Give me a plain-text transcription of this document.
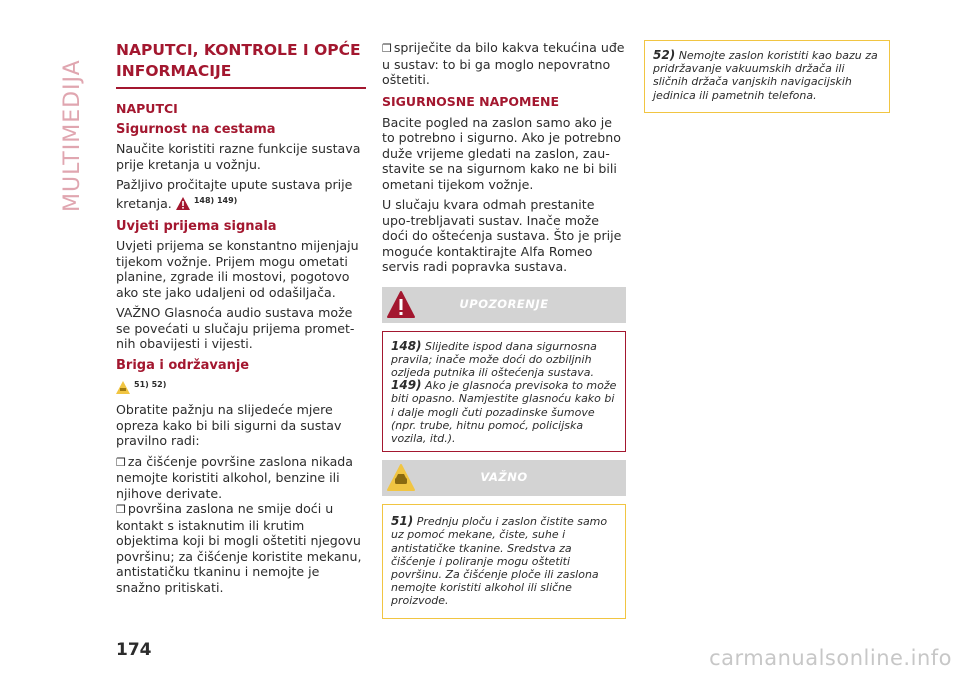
MULTIMEDIJA
NAPUTCI, KONTROLE I OPĆE INFORMACIJE
NAPUTCI
Sigurnost na cestama

Naučite koristiti razne funkcije sustava prije kretanja u vožnju.

Pažljivo pročitajte upute sustava prije kretanja.	$^{148) 149)}$

Uvjeti prijema signala

Uvjeti prijema se konstantno mijenjaju tijekom vožnje. Prijem mogu ometati planine, zgrade ili mostovi, pogotovo ako ste jako udaljeni od odašiljača.

VAŽNO Glasnoća audio sustava može se povećati u slučaju prijema promet-nih obavijesti i vijesti.

Briga i održavanje

$^{51) 52)}$

Obratite pažnju na slijedeće mjere opreza kako bi bili sigurni da sustav pravilno radi:

❒ za čišćenje površine zaslona nikada nemojte koristiti alkohol, benzine ili njihove derivate.

❒ površina zaslona ne smije doći u kontakt s istaknutim ili krutim objektima koji bi mogli oštetiti njegovu površinu; za čišćenje koristite mekanu, antistatičku tkaninu i nemojte je snažno pritiskati.

❒ spriječite da bilo kakva tekućina uđe u sustav: to bi ga moglo nepovratno oštetiti.

SIGURNOSNE NAPOMENE

Bacite pogled na zaslon samo ako je to potrebno i sigurno. Ako je potrebno duže vrijeme gledati na zaslon, zau-stavite se na sigurnom kako ne bi bili ometani tijekom vožnje.

U slučaju kvara odmah prestanite upo-trebljavati sustav. Inače može doći do oštećenja sustava. Što je prije moguće kontaktirajte Alfa Romeo servis radi popravka sustava.

UPOZORENJE

148) Slijedite ispod dana sigurnosna pravila; inače može doći do ozbiljnih ozljeda putnika ili oštećenja sustava.

149) Ako je glasnoća previsoka to može biti opasno. Namjestite glasnoću kako bi i dalje mogli čuti pozadinske šumove (npr. trube, hitnu pomoć, policijska vozila, itd.).

VAŽNO

51) Prednju ploču i zaslon čistite samo uz pomoć mekane, čiste, suhe i antistatičke tkanine. Sredstva za čišćenje i poliranje mogu oštetiti površinu. Za čišćenje ploče ili zaslona nemojte koristiti alkohol ili slične proizvode.

52) Nemojte zaslon koristiti kao bazu za pridržavanje vakuumskih držača ili sličnih držača vanjskih navigacijskih jedinica ili pametnih telefona.

174	carmanualsonline.info
